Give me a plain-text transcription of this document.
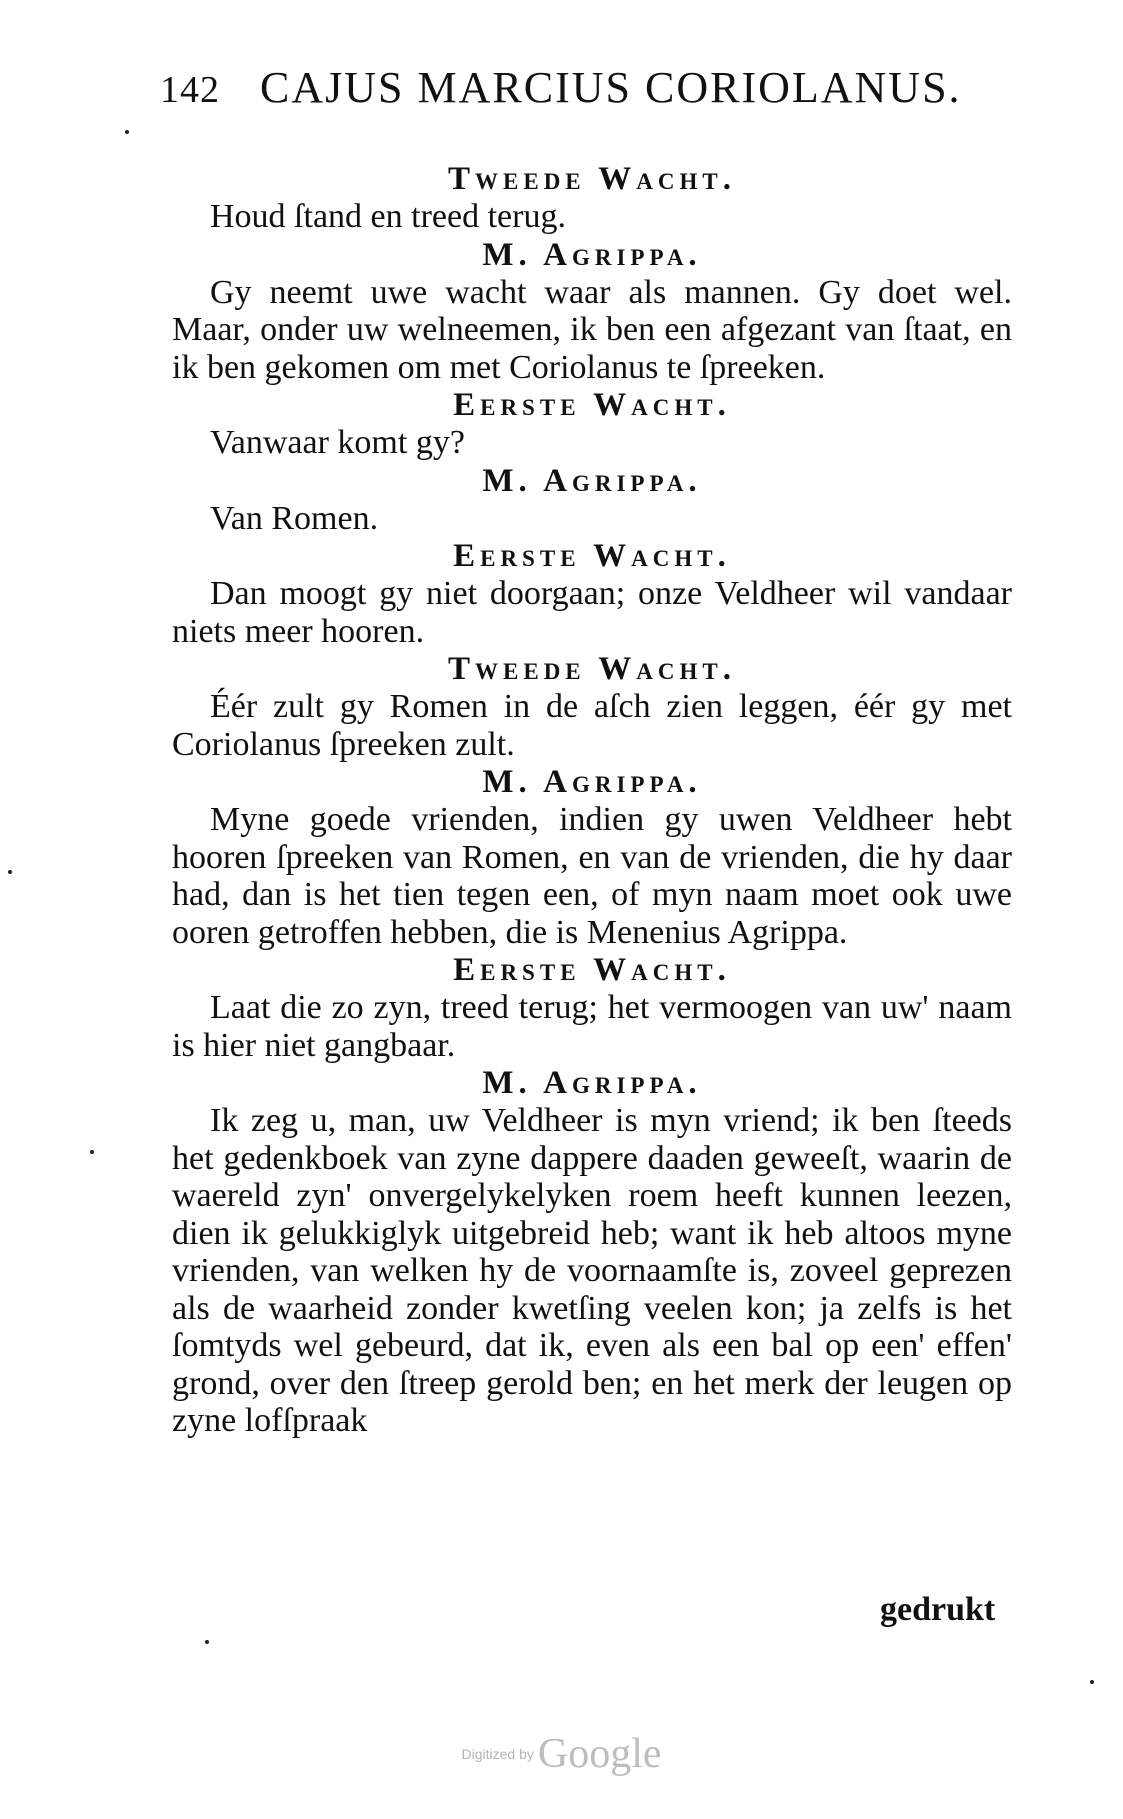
142 CAJUS MARCIUS CORIOLANUS.

Tweede Wacht.

Houd ſtand en treed terug.

M. Agrippa.

Gy neemt uwe wacht waar als mannen. Gy doet wel. Maar, onder uw welneemen, ik ben een afgezant van ſtaat, en ik ben gekomen om met Coriolanus te ſpreeken.

Eerste Wacht.

Vanwaar komt gy?

M. Agrippa.

Van Romen.

Eerste Wacht.

Dan moogt gy niet doorgaan; onze Veldheer wil vandaar niets meer hooren.

Tweede Wacht.

Éér zult gy Romen in de aſch zien leggen, éér gy met Coriolanus ſpreeken zult.

M. Agrippa.

Myne goede vrienden, indien gy uwen Veldheer hebt hooren ſpreeken van Romen, en van de vrienden, die hy daar had, dan is het tien tegen een, of myn naam moet ook uwe ooren getroffen hebben, die is Menenius Agrippa.

Eerste Wacht.

Laat die zo zyn, treed terug; het vermoogen van uw' naam is hier niet gangbaar.

M. Agrippa.

Ik zeg u, man, uw Veldheer is myn vriend; ik ben ſteeds het gedenkboek van zyne dappere daaden geweeſt, waarin de waereld zyn' onvergelykelyken roem heeft kunnen leezen, dien ik gelukkiglyk uitgebreid heb; want ik heb altoos myne vrienden, van welken hy de voornaamſte is, zoveel geprezen als de waarheid zonder kwetſing veelen kon; ja zelfs is het ſomtyds wel gebeurd, dat ik, even als een bal op een' effen' grond, over den ſtreep gerold ben; en het merk der leugen op zyne lofſpraak

gedrukt
Digitized by Google
